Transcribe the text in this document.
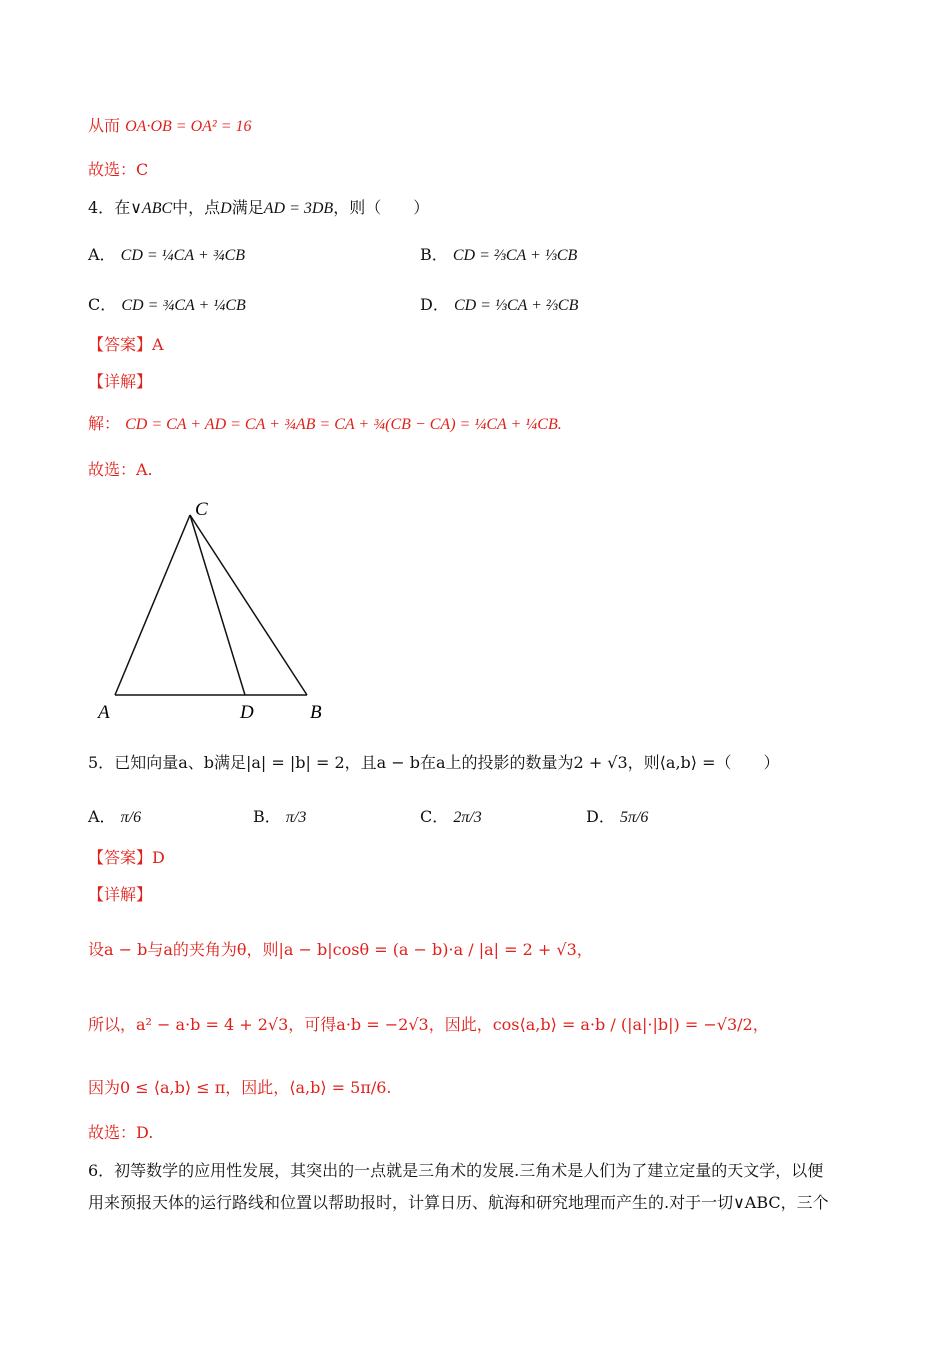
从而 OA·OB = OA² = 16
故选：C
4．在∨ABC中，点D满足AD = 3DB，则（　　）
A． CD = ¼CA + ¾CB	B． CD = ⅔CA + ⅓CB
C． CD = ¾CA + ¼CB	D． CD = ⅓CA + ⅔CB
【答案】A
【详解】
解： CD = CA + AD = CA + ¾AB = CA + ¾(CB − CA) = ¼CA + ¼CB.
故选：A.
C
A	D	B
5．已知向量a、b满足|a| = |b| = 2，且a − b在a上的投影的数量为2 + √3，则⟨a,b⟩ =（　　）
A． π/6	B． π/3	C． 2π/3	D． 5π/6
【答案】D
【详解】
设a − b与a的夹角为θ，则|a − b|cosθ = (a − b)·a / |a| = 2 + √3，
所以，a² − a·b = 4 + 2√3，可得a·b = −2√3，因此，cos⟨a,b⟩ = a·b / (|a|·|b|) = −√3/2，
因为0 ≤ ⟨a,b⟩ ≤ π，因此，⟨a,b⟩ = 5π/6.
故选：D.
6．初等数学的应用性发展，其突出的一点就是三角术的发展.三角术是人们为了建立定量的天文学，以便
用来预报天体的运行路线和位置以帮助报时，计算日历、航海和研究地理而产生的.对于一切∨ABC，三个
